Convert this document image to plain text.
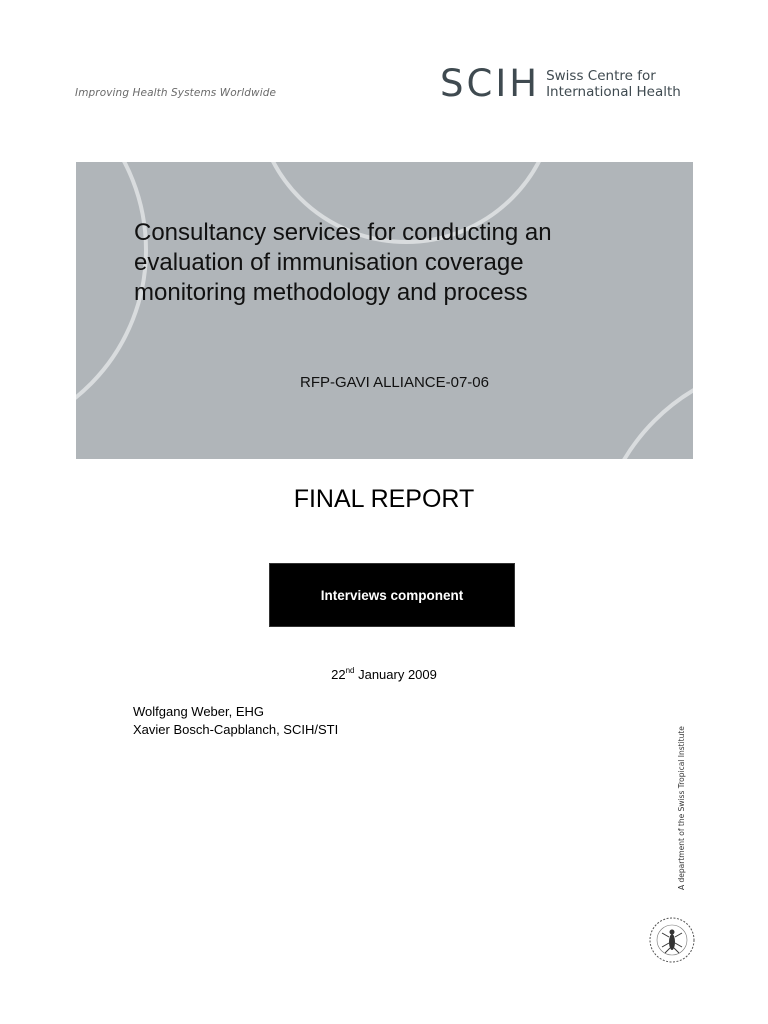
Improving Health Systems Worldwide	SCIH Swiss Centre for
International Health
Consultancy services for conducting an
evaluation of immunisation coverage
monitoring methodology and process
RFP-GAVI ALLIANCE-07-06
FINAL REPORT
Interviews component
22nd January 2009
Wolfgang Weber, EHG
Xavier Bosch-Capblanch, SCIH/STI	A department of the Swiss Tropical Institute
